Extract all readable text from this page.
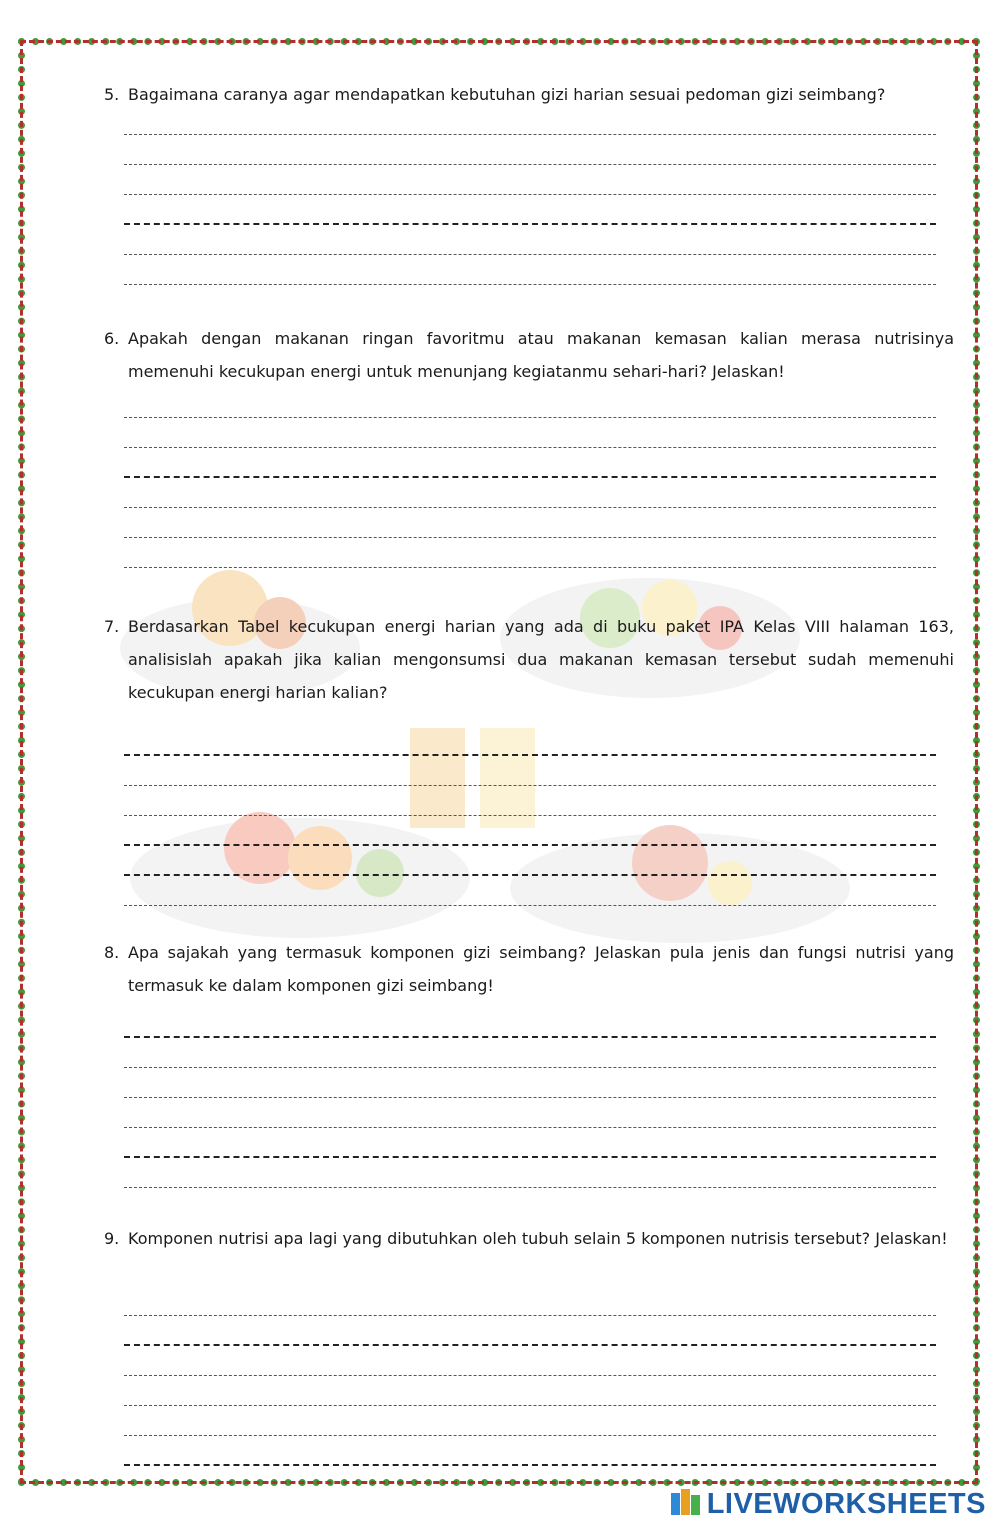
5. Bagaimana caranya agar mendapatkan kebutuhan gizi harian sesuai pedoman gizi seimbang?
6. Apakah dengan makanan ringan favoritmu atau makanan kemasan kalian merasa nutrisinya memenuhi kecukupan energi untuk menunjang kegiatanmu sehari-hari? Jelaskan!
7. Berdasarkan Tabel kecukupan energi harian yang ada di buku paket IPA Kelas VIII halaman 163, analisislah apakah jika kalian mengonsumsi dua makanan kemasan tersebut sudah memenuhi kecukupan energi harian kalian?
8. Apa sajakah yang termasuk komponen gizi seimbang? Jelaskan pula jenis dan fungsi nutrisi yang termasuk ke dalam komponen gizi seimbang!
9. Komponen nutrisi apa lagi yang dibutuhkan oleh tubuh selain 5 komponen nutrisis tersebut? Jelaskan!
LIVEWORKSHEETS
